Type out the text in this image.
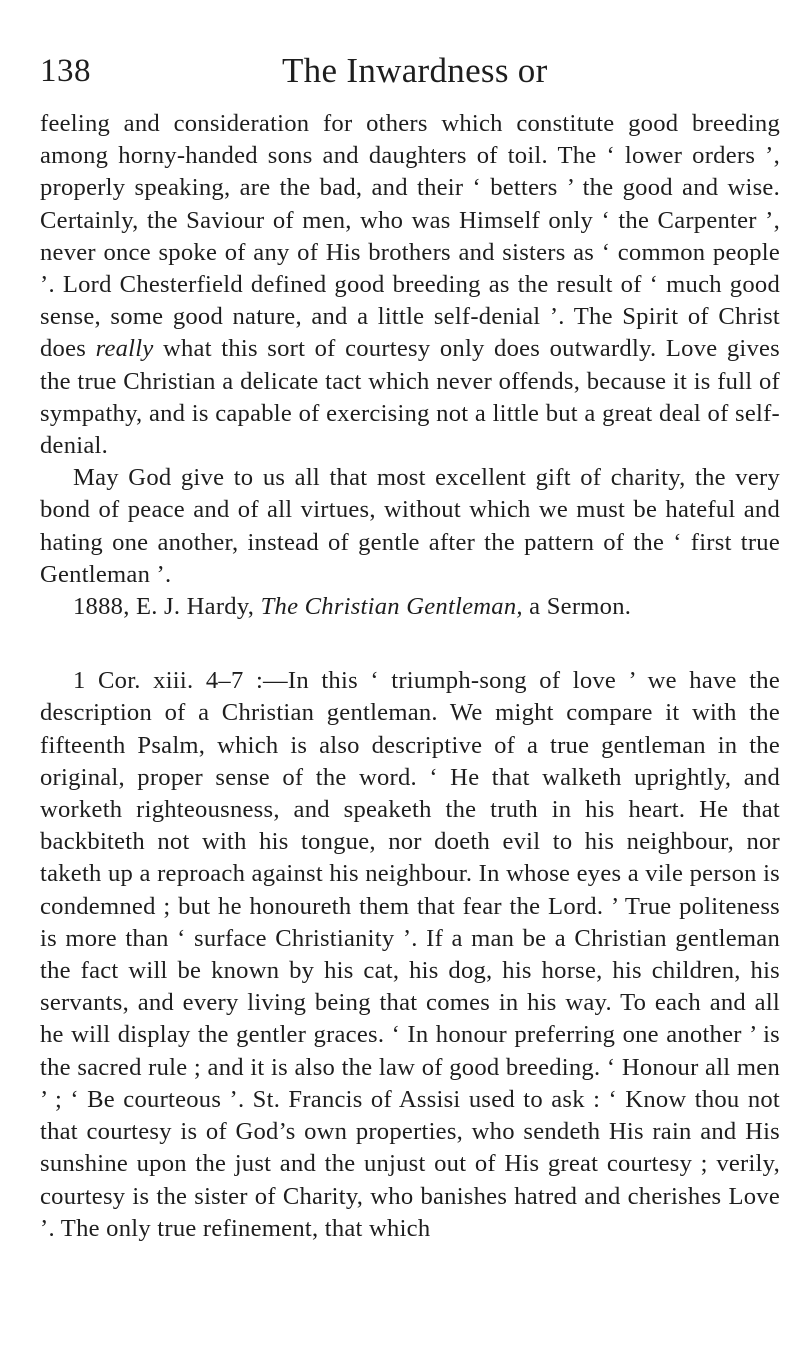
138	The Inwardness or

feeling and consideration for others which constitute good breeding among horny-handed sons and daughters of toil. The ‘ lower orders ’, properly speaking, are the bad, and their ‘ betters ’ the good and wise. Certainly, the Saviour of men, who was Himself only ‘ the Carpenter ’, never once spoke of any of His brothers and sisters as ‘ common people ’. Lord Chesterfield defined good breeding as the result of ‘ much good sense, some good nature, and a little self-denial ’. The Spirit of Christ does really what this sort of courtesy only does outwardly. Love gives the true Christian a delicate tact which never offends, because it is full of sympathy, and is capable of exercising not a little but a great deal of self-denial.

May God give to us all that most excellent gift of charity, the very bond of peace and of all virtues, without which we must be hateful and hating one another, instead of gentle after the pattern of the ‘ first true Gentleman ’.

1888, E. J. Hardy, The Christian Gentleman, a Sermon.

1 Cor. xiii. 4–7 :—In this ‘ triumph-song of love ’ we have the description of a Christian gentleman. We might compare it with the fifteenth Psalm, which is also descriptive of a true gentleman in the original, proper sense of the word. ‘ He that walketh uprightly, and worketh righteousness, and speaketh the truth in his heart. He that backbiteth not with his tongue, nor doeth evil to his neighbour, nor taketh up a reproach against his neighbour. In whose eyes a vile person is condemned ; but he honoureth them that fear the Lord. ’ True politeness is more than ‘ surface Christianity ’. If a man be a Christian gentleman the fact will be known by his cat, his dog, his horse, his children, his servants, and every living being that comes in his way. To each and all he will display the gentler graces. ‘ In honour preferring one another ’ is the sacred rule ; and it is also the law of good breeding. ‘ Honour all men ’ ; ‘ Be courteous ’. St. Francis of Assisi used to ask : ‘ Know thou not that courtesy is of God’s own properties, who sendeth His rain and His sunshine upon the just and the unjust out of His great courtesy ; verily, courtesy is the sister of Charity, who banishes hatred and cherishes Love ’. The only true refinement, that which
